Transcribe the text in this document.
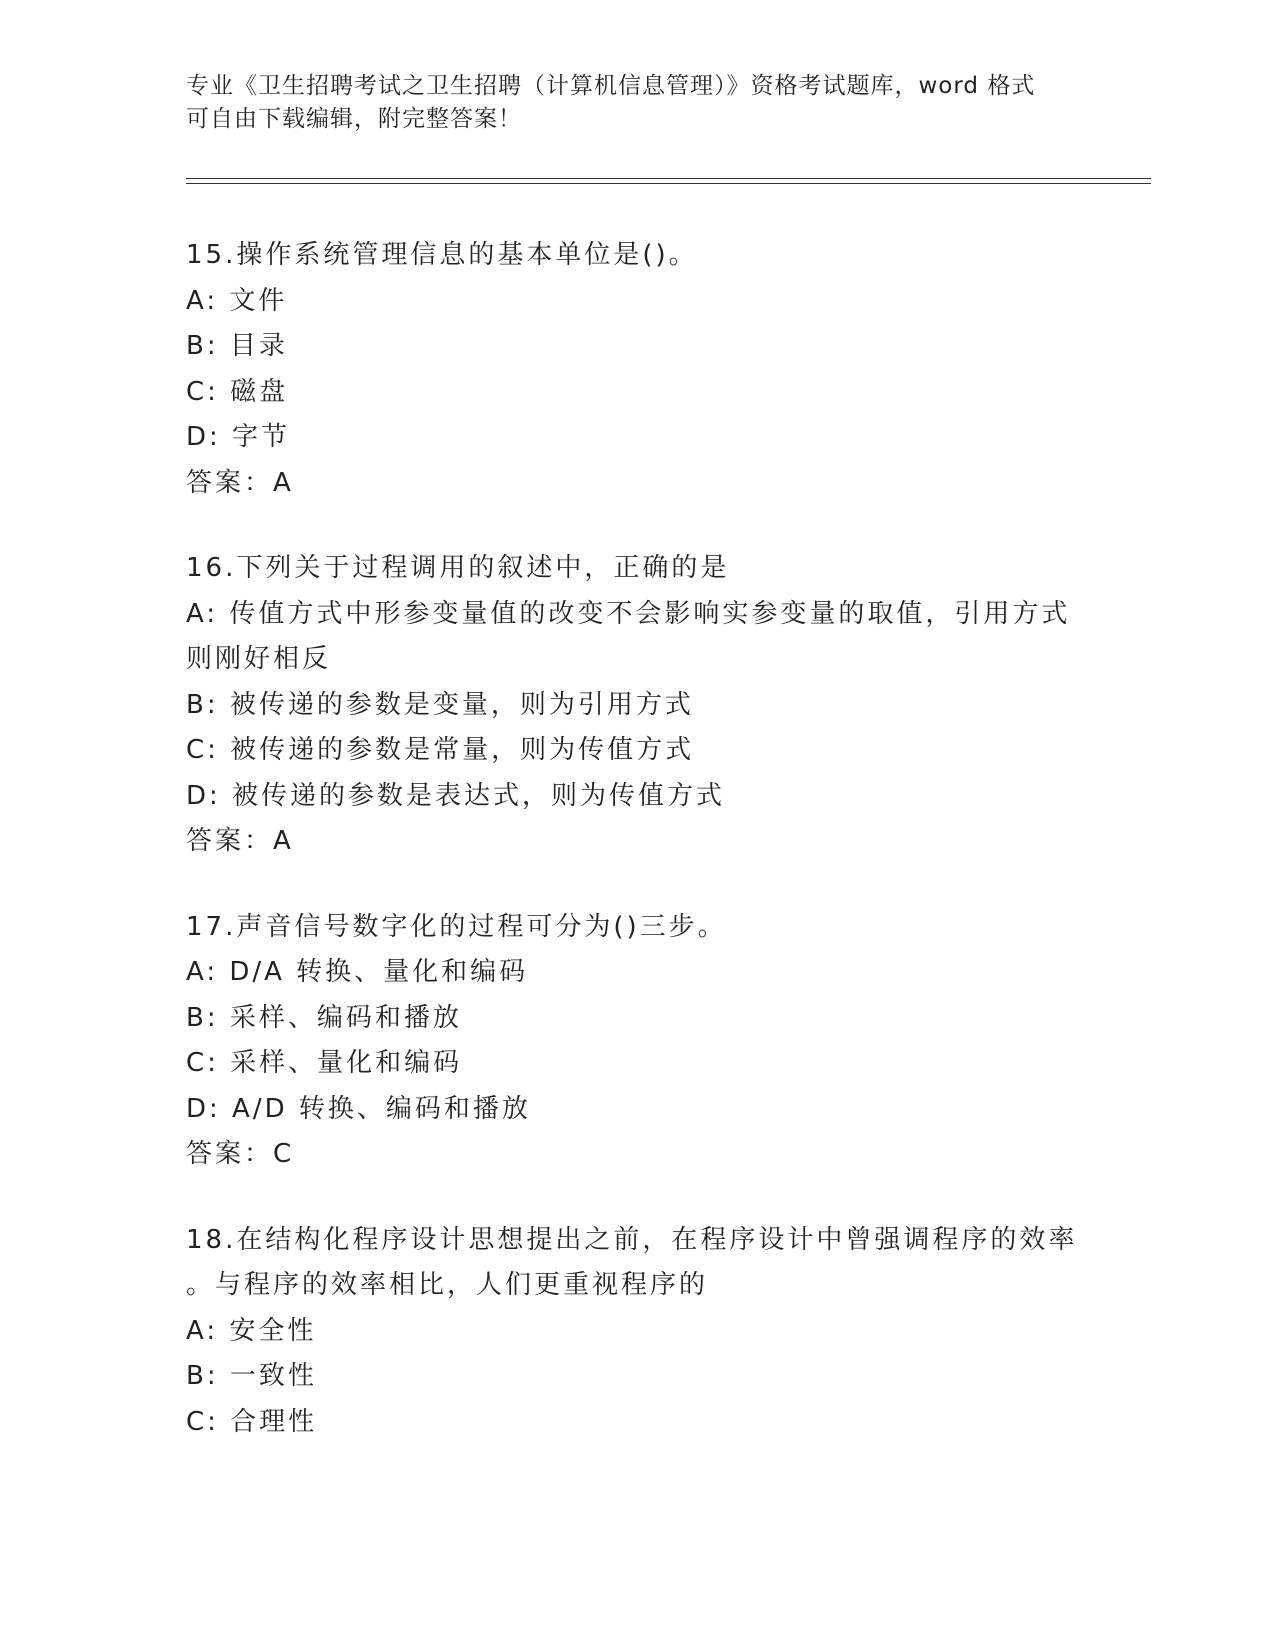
专业《卫生招聘考试之卫生招聘（计算机信息管理）》资格考试题库，word 格式
可自由下载编辑，附完整答案！
15.操作系统管理信息的基本单位是()。
A: 文件
B: 目录
C: 磁盘
D: 字节
答案：A
16.下列关于过程调用的叙述中，正确的是
A: 传值方式中形参变量值的改变不会影响实参变量的取值，引用方式
则刚好相反
B: 被传递的参数是变量，则为引用方式
C: 被传递的参数是常量，则为传值方式
D: 被传递的参数是表达式，则为传值方式
答案：A
17.声音信号数字化的过程可分为()三步。
A: D/A 转换、量化和编码
B: 采样、编码和播放
C: 采样、量化和编码
D: A/D 转换、编码和播放
答案：C
18.在结构化程序设计思想提出之前，在程序设计中曾强调程序的效率
。与程序的效率相比，人们更重视程序的
A: 安全性
B: 一致性
C: 合理性
